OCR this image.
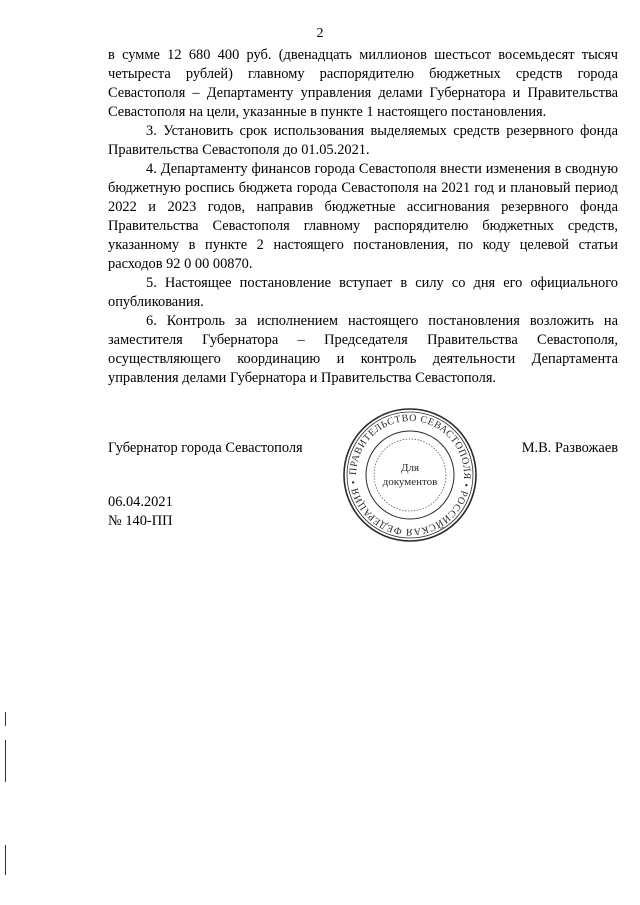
2

в сумме 12 680 400 руб. (двенадцать миллионов шестьсот восемьдесят тысяч четыреста рублей) главному распорядителю бюджетных средств города Севастополя – Департаменту управления делами Губернатора и Правительства Севастополя на цели, указанные в пункте 1 настоящего постановления.

3. Установить срок использования выделяемых средств резервного фонда Правительства Севастополя до 01.05.2021.

4. Департаменту финансов города Севастополя внести изменения в сводную бюджетную роспись бюджета города Севастополя на 2021 год и плановый период 2022 и 2023 годов, направив бюджетные ассигнования резервного фонда Правительства Севастополя главному распорядителю бюджетных средств, указанному в пункте 2 настоящего постановления, по коду целевой статьи расходов 92 0 00 00870.

5. Настоящее постановление вступает в силу со дня его официального опубликования.

6. Контроль за исполнением настоящего постановления возложить на заместителя Губернатора – Председателя Правительства Севастополя, осуществляющего координацию и контроль деятельности Департамента управления делами Губернатора и Правительства Севастополя.

Губернатор города Севастополя	М.В. Развожаев
06.04.2021
№ 140-ПП
ПРАВИТЕЛЬСТВО СЕВАСТОПОЛЯ • РОССИЙСКАЯ ФЕДЕРАЦИЯ •
Для
документов
